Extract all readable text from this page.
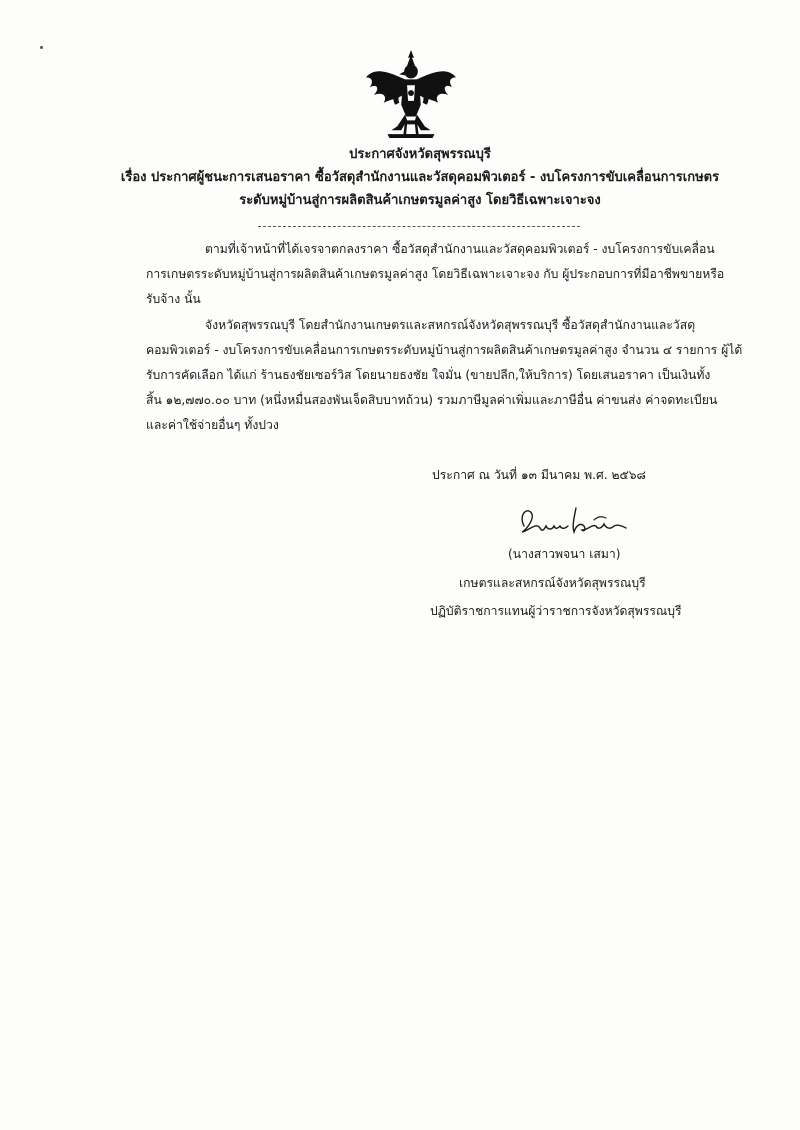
ประกาศจังหวัดสุพรรณบุรี
เรื่อง ประกาศผู้ชนะการเสนอราคา ซื้อวัสดุสำนักงานและวัสดุคอมพิวเตอร์ - งบโครงการขับเคลื่อนการเกษตร
ระดับหมู่บ้านสู่การผลิตสินค้าเกษตรมูลค่าสูง โดยวิธีเฉพาะเจาะจง
ตามที่เจ้าหน้าที่ได้เจรจาตกลงราคา ซื้อวัสดุสำนักงานและวัสดุคอมพิวเตอร์ - งบโครงการขับเคลื่อน
การเกษตรระดับหมู่บ้านสู่การผลิตสินค้าเกษตรมูลค่าสูง โดยวิธีเฉพาะเจาะจง กับ ผู้ประกอบการที่มีอาชีพขายหรือ
รับจ้าง นั้น
จังหวัดสุพรรณบุรี โดยสำนักงานเกษตรและสหกรณ์จังหวัดสุพรรณบุรี ซื้อวัสดุสำนักงานและวัสดุ
คอมพิวเตอร์ - งบโครงการขับเคลื่อนการเกษตรระดับหมู่บ้านสู่การผลิตสินค้าเกษตรมูลค่าสูง จำนวน ๔ รายการ ผู้ได้
รับการคัดเลือก ได้แก่ ร้านธงชัยเซอร์วิส โดยนายธงชัย ใจมั่น (ขายปลีก,ให้บริการ) โดยเสนอราคา เป็นเงินทั้ง
สิ้น ๑๒,๗๗๐.๐๐ บาท (หนึ่งหมื่นสองพันเจ็ดสิบบาทถ้วน) รวมภาษีมูลค่าเพิ่มและภาษีอื่น ค่าขนส่ง ค่าจดทะเบียน
และค่าใช้จ่ายอื่นๆ ทั้งปวง
ประกาศ ณ วันที่ ๑๓ มีนาคม พ.ศ. ๒๕๖๘
(นางสาวพจนา เสมา)
เกษตรและสหกรณ์จังหวัดสุพรรณบุรี
ปฏิบัติราชการแทนผู้ว่าราชการจังหวัดสุพรรณบุรี
